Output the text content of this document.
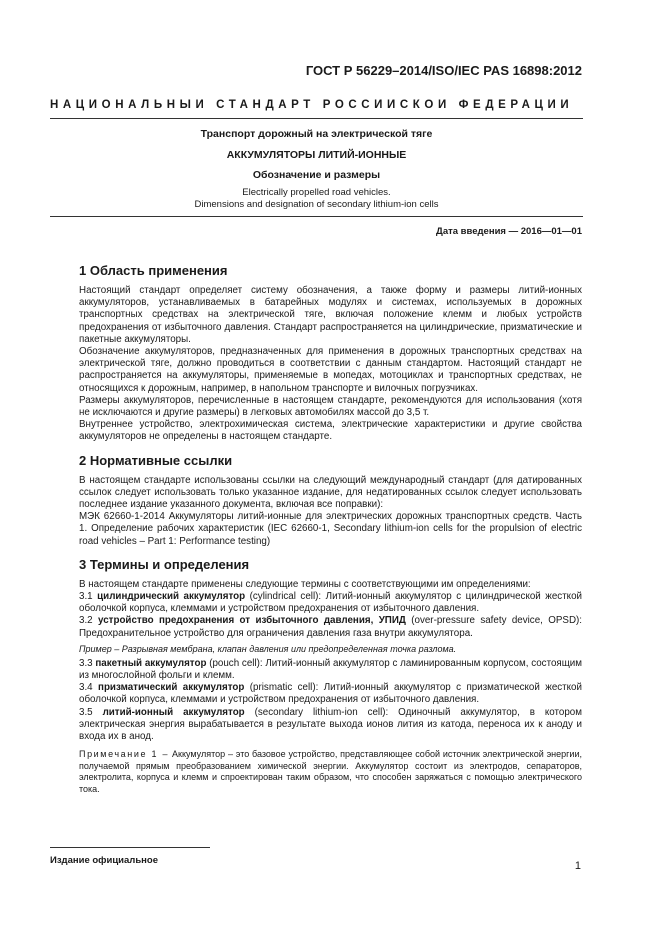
ГОСТ Р 56229–2014/ISO/IEC PAS 16898:2012
НАЦИОНАЛЬНЫЙ СТАНДАРТ РОССИЙСКОЙ ФЕДЕРАЦИИ
Транспорт дорожный на электрической тяге
АККУМУЛЯТОРЫ ЛИТИЙ-ИОННЫЕ
Обозначение и размеры
Electrically propelled road vehicles.
Dimensions and designation of secondary lithium-ion cells
Дата введения — 2016—01—01
1 Область применения

Настоящий стандарт определяет систему обозначения, а также форму и размеры литий-ионных аккумуляторов, устанавливаемых в батарейных модулях и системах, используемых в дорожных транспортных средствах на электрической тяге, включая положение клемм и любых устройств предохранения от избыточного давления. Стандарт распространяется на цилиндрические, призматические и пакетные аккумуляторы.

Обозначение аккумуляторов, предназначенных для применения в дорожных транспортных средствах на электрической тяге, должно проводиться в соответствии с данным стандартом. Настоящий стандарт не распространяется на аккумуляторы, применяемые в мопедах, мотоциклах и транспортных средствах, не относящихся к дорожным, например, в напольном транспорте и вилочных погрузчиках.

Размеры аккумуляторов, перечисленные в настоящем стандарте, рекомендуются для использования (хотя не исключаются и другие размеры) в легковых автомобилях массой до 3,5 т.

Внутреннее устройство, электрохимическая система, электрические характеристики и другие свойства аккумуляторов не определены в настоящем стандарте.

2 Нормативные ссылки

В настоящем стандарте использованы ссылки на следующий международный стандарт (для датированных ссылок следует использовать только указанное издание, для недатированных ссылок следует использовать последнее издание указанного документа, включая все поправки):

МЭК 62660-1-2014 Аккумуляторы литий-ионные для электрических дорожных транспортных средств. Часть 1. Определение рабочих характеристик (IEC 62660-1, Secondary lithium-ion cells for the propulsion of electric road vehicles – Part 1: Performance testing)

3 Термины и определения

В настоящем стандарте применены следующие термины с соответствующими им определениями:

3.1 цилиндрический аккумулятор (cylindrical cell): Литий-ионный аккумулятор с цилиндрической жесткой оболочкой корпуса, клеммами и устройством предохранения от избыточного давления.

3.2 устройство предохранения от избыточного давления, УПИД (over-pressure safety device, OPSD): Предохранительное устройство для ограничения давления газа внутри аккумулятора.

Пример – Разрывная мембрана, клапан давления или предопределенная точка разлома.

3.3 пакетный аккумулятор (pouch cell): Литий-ионный аккумулятор с ламинированным корпусом, состоящим из многослойной фольги и клемм.

3.4 призматический аккумулятор (prismatic cell): Литий-ионный аккумулятор с призматической жесткой оболочкой корпуса, клеммами и устройством предохранения от избыточного давления.

3.5 литий-ионный аккумулятор (secondary lithium-ion cell): Одиночный аккумулятор, в котором электрическая энергия вырабатывается в результате выхода ионов лития из катода, переноса их к аноду и входа их в анод.

Примечание 1 – Аккумулятор – это базовое устройство, представляющее собой источник электрической энергии, получаемой прямым преобразованием химической энергии. Аккумулятор состоит из электродов, сепараторов, электролита, корпуса и клемм и спроектирован таким образом, что способен заряжаться с помощью электрического тока.

Издание официальное	1
